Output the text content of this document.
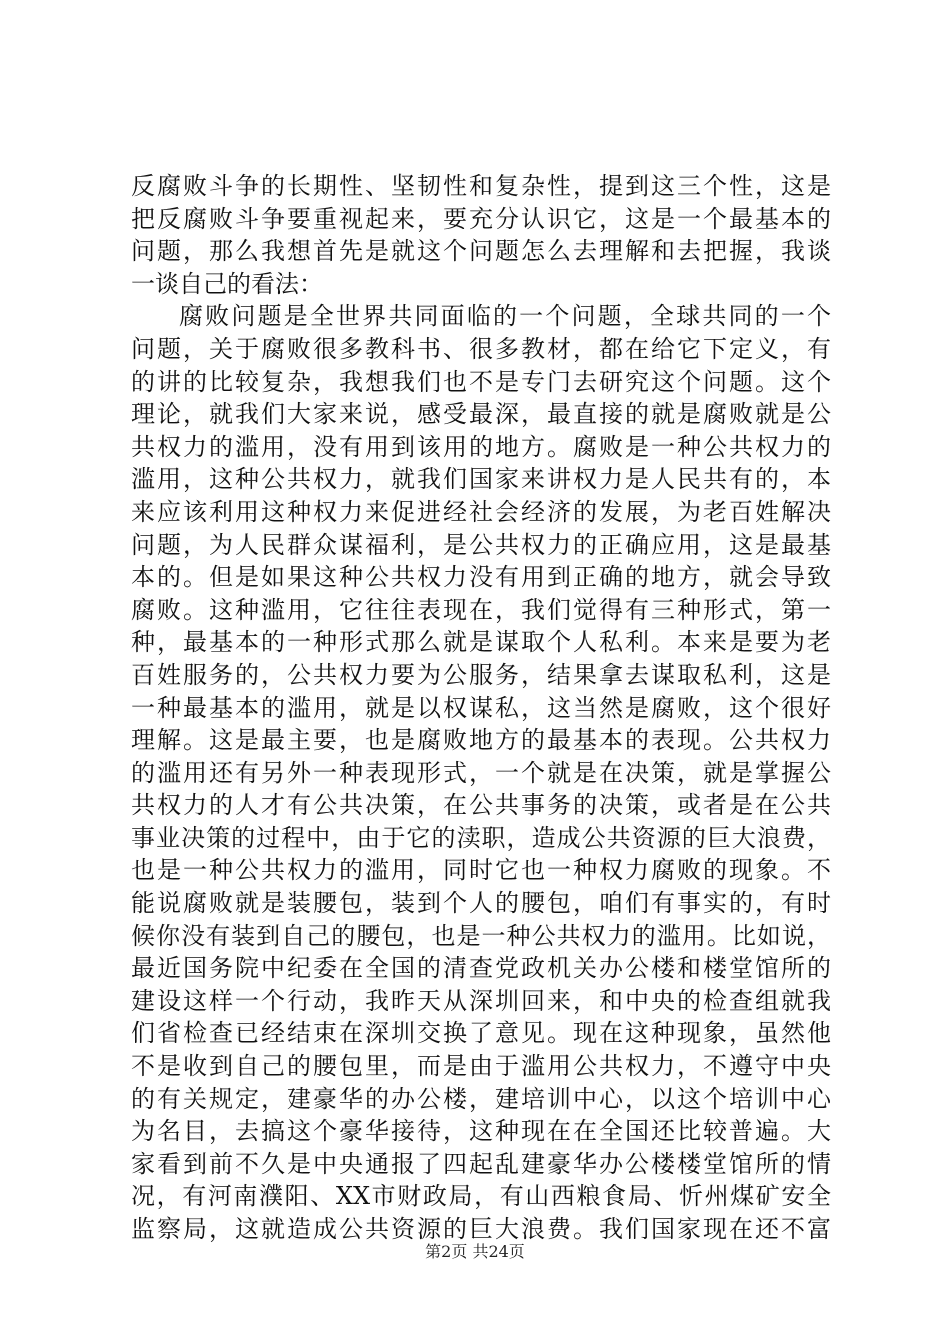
反腐败斗争的长期性、坚韧性和复杂性，提到这三个性，这是
把反腐败斗争要重视起来，要充分认识它，这是一个最基本的
问题，那么我想首先是就这个问题怎么去理解和去把握，我谈
一谈自己的看法：
腐败问题是全世界共同面临的一个问题，全球共同的一个
问题，关于腐败很多教科书、很多教材，都在给它下定义，有
的讲的比较复杂，我想我们也不是专门去研究这个问题。这个
理论，就我们大家来说，感受最深，最直接的就是腐败就是公
共权力的滥用，没有用到该用的地方。腐败是一种公共权力的
滥用，这种公共权力，就我们国家来讲权力是人民共有的，本
来应该利用这种权力来促进经社会经济的发展，为老百姓解决
问题，为人民群众谋福利，是公共权力的正确应用，这是最基
本的。但是如果这种公共权力没有用到正确的地方，就会导致
腐败。这种滥用，它往往表现在，我们觉得有三种形式，第一
种，最基本的一种形式那么就是谋取个人私利。本来是要为老
百姓服务的，公共权力要为公服务，结果拿去谋取私利，这是
一种最基本的滥用，就是以权谋私，这当然是腐败，这个很好
理解。这是最主要，也是腐败地方的最基本的表现。公共权力
的滥用还有另外一种表现形式，一个就是在决策，就是掌握公
共权力的人才有公共决策，在公共事务的决策，或者是在公共
事业决策的过程中，由于它的渎职，造成公共资源的巨大浪费，
也是一种公共权力的滥用，同时它也一种权力腐败的现象。不
能说腐败就是装腰包，装到个人的腰包，咱们有事实的，有时
候你没有装到自己的腰包，也是一种公共权力的滥用。比如说，
最近国务院中纪委在全国的清查党政机关办公楼和楼堂馆所的
建设这样一个行动，我昨天从深圳回来，和中央的检查组就我
们省检查已经结束在深圳交换了意见。现在这种现象，虽然他
不是收到自己的腰包里，而是由于滥用公共权力，不遵守中央
的有关规定，建豪华的办公楼，建培训中心，以这个培训中心
为名目，去搞这个豪华接待，这种现在在全国还比较普遍。大
家看到前不久是中央通报了四起乱建豪华办公楼楼堂馆所的情
况，有河南濮阳、XX市财政局，有山西粮食局、忻州煤矿安全
监察局，这就造成公共资源的巨大浪费。我们国家现在还不富
第2页 共24页
